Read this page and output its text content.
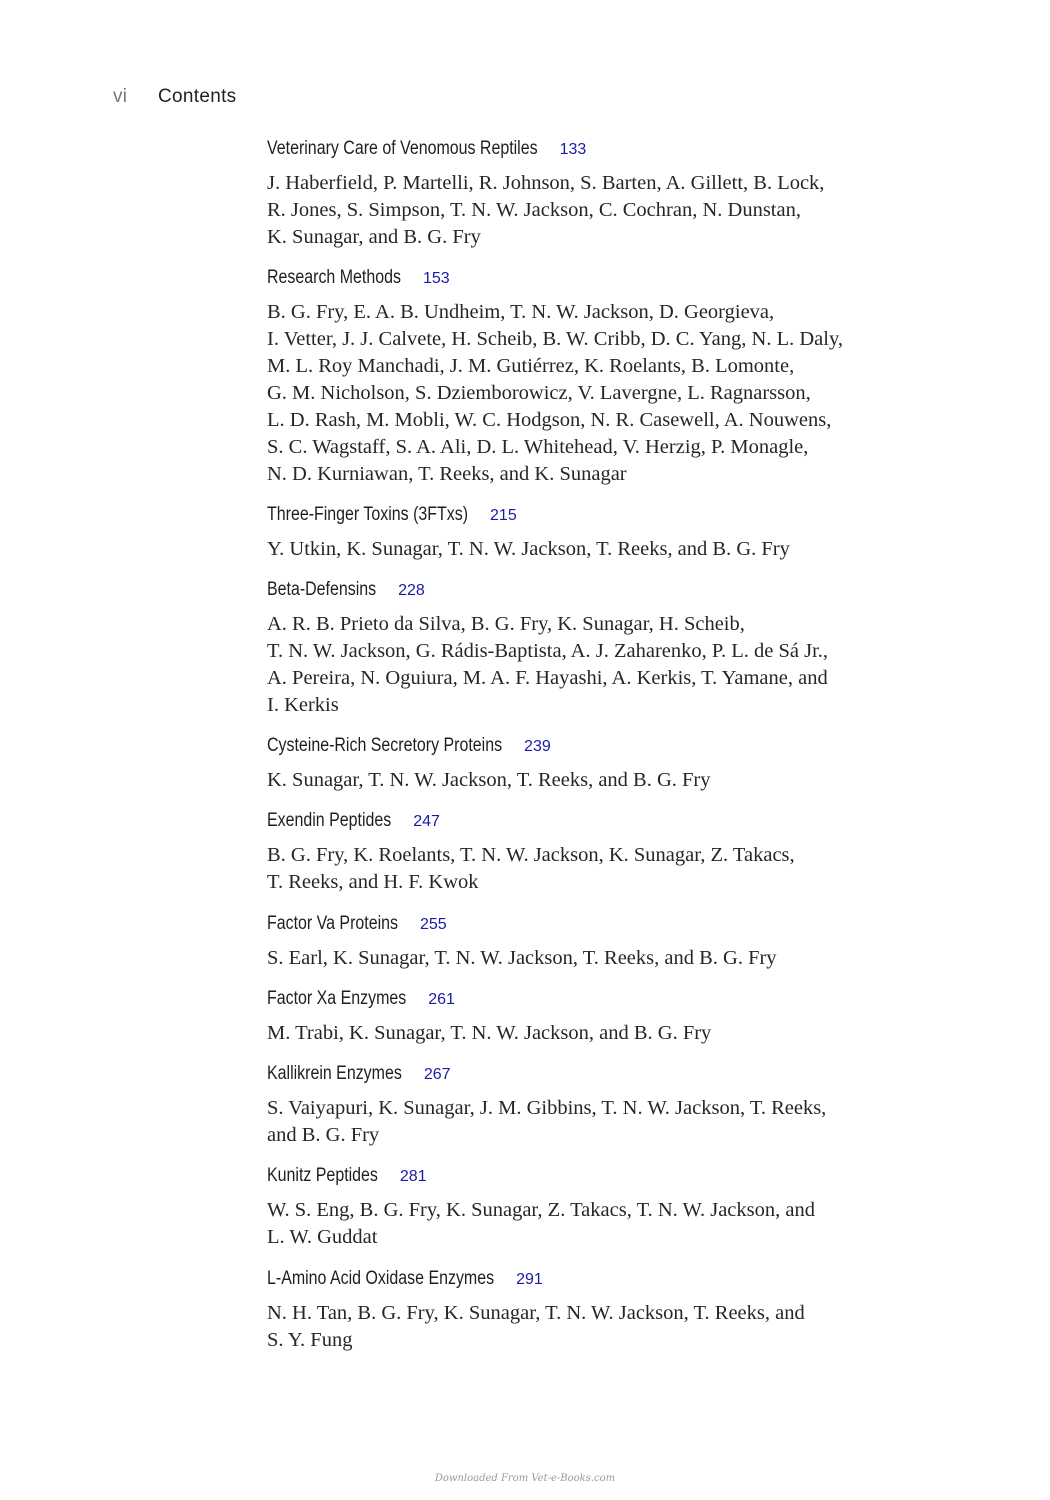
vi Contents
Veterinary Care of Venomous Reptiles 133
J. Haberfield, P. Martelli, R. Johnson, S. Barten, A. Gillett, B. Lock,
R. Jones, S. Simpson, T. N. W. Jackson, C. Cochran, N. Dunstan,
K. Sunagar, and B. G. Fry
Research Methods 153
B. G. Fry, E. A. B. Undheim, T. N. W. Jackson, D. Georgieva,
I. Vetter, J. J. Calvete, H. Scheib, B. W. Cribb, D. C. Yang, N. L. Daly,
M. L. Roy Manchadi, J. M. Gutiérrez, K. Roelants, B. Lomonte,
G. M. Nicholson, S. Dziemborowicz, V. Lavergne, L. Ragnarsson,
L. D. Rash, M. Mobli, W. C. Hodgson, N. R. Casewell, A. Nouwens,
S. C. Wagstaff, S. A. Ali, D. L. Whitehead, V. Herzig, P. Monagle,
N. D. Kurniawan, T. Reeks, and K. Sunagar
Three-Finger Toxins (3FTxs) 215
Y. Utkin, K. Sunagar, T. N. W. Jackson, T. Reeks, and B. G. Fry
Beta-Defensins 228
A. R. B. Prieto da Silva, B. G. Fry, K. Sunagar, H. Scheib,
T. N. W. Jackson, G. Rádis-Baptista, A. J. Zaharenko, P. L. de Sá Jr.,
A. Pereira, N. Oguiura, M. A. F. Hayashi, A. Kerkis, T. Yamane, and
I. Kerkis
Cysteine-Rich Secretory Proteins 239
K. Sunagar, T. N. W. Jackson, T. Reeks, and B. G. Fry
Exendin Peptides 247
B. G. Fry, K. Roelants, T. N. W. Jackson, K. Sunagar, Z. Takacs,
T. Reeks, and H. F. Kwok
Factor Va Proteins 255
S. Earl, K. Sunagar, T. N. W. Jackson, T. Reeks, and B. G. Fry
Factor Xa Enzymes 261
M. Trabi, K. Sunagar, T. N. W. Jackson, and B. G. Fry
Kallikrein Enzymes 267
S. Vaiyapuri, K. Sunagar, J. M. Gibbins, T. N. W. Jackson, T. Reeks,
and B. G. Fry
Kunitz Peptides 281
W. S. Eng, B. G. Fry, K. Sunagar, Z. Takacs, T. N. W. Jackson, and
L. W. Guddat
L-Amino Acid Oxidase Enzymes 291
N. H. Tan, B. G. Fry, K. Sunagar, T. N. W. Jackson, T. Reeks, and
S. Y. Fung
Downloaded From Vet-e-Books.com
